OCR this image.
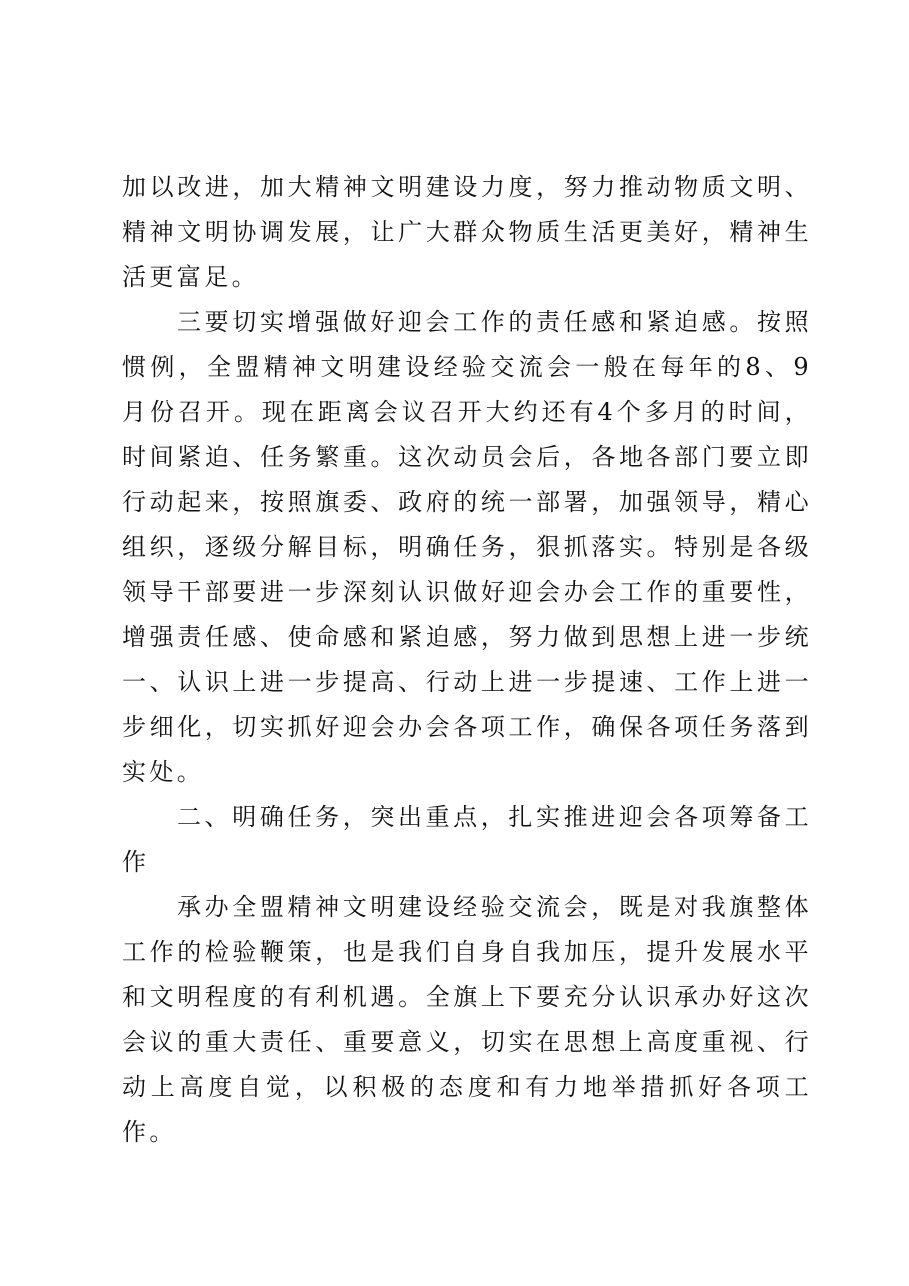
加以改进，加大精神文明建设力度，努力推动物质文明、精神文明协调发展，让广大群众物质生活更美好，精神生活更富足。

三要切实增强做好迎会工作的责任感和紧迫感。按照惯例，全盟精神文明建设经验交流会一般在每年的8、9月份召开。现在距离会议召开大约还有4个多月的时间，时间紧迫、任务繁重。这次动员会后，各地各部门要立即行动起来，按照旗委、政府的统一部署，加强领导，精心组织，逐级分解目标，明确任务，狠抓落实。特别是各级领导干部要进一步深刻认识做好迎会办会工作的重要性，增强责任感、使命感和紧迫感，努力做到思想上进一步统一、认识上进一步提高、行动上进一步提速、工作上进一步细化，切实抓好迎会办会各项工作，确保各项任务落到实处。

二、明确任务，突出重点，扎实推进迎会各项筹备工作

承办全盟精神文明建设经验交流会，既是对我旗整体工作的检验鞭策，也是我们自身自我加压，提升发展水平和文明程度的有利机遇。全旗上下要充分认识承办好这次会议的重大责任、重要意义，切实在思想上高度重视、行动上高度自觉，以积极的态度和有力地举措抓好各项工作。
